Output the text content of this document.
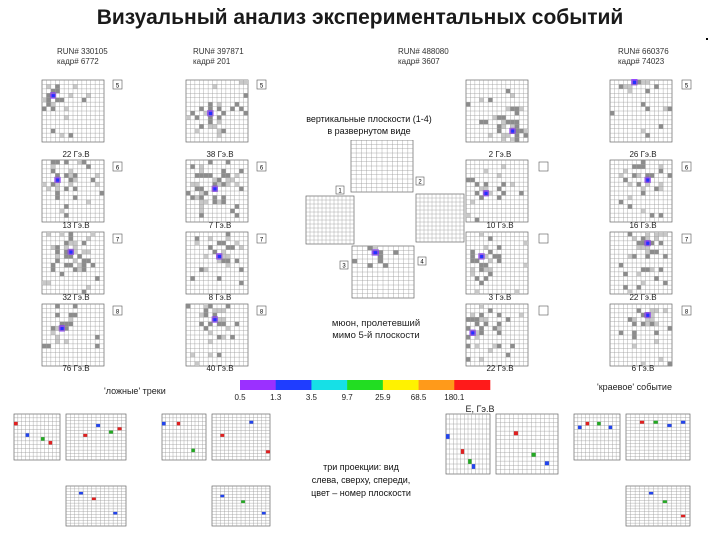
Визуальный анализ экспериментальных событий
RUN# 330105
кадр# 6772
RUN# 397871
кадр# 201
RUN# 488080
кадр# 3607
RUN# 660376
кадр# 74023
22 Гэ.В
13 Гэ.В
32 Гэ.В
76 Гэ.В
38 Гэ.В
7 Гэ.В
8 Гэ.В
40 Гэ.В
2 Гэ.В
10 Гэ.В
3 Гэ.В
22 Гэ.В
26 Гэ.В
16 Гэ.В
22 Гэ.В
6 Гэ.В
5
6
7
8
5
6
7
8
5
6
7
8
1
2
3
4
вертикальные плоскости (1-4)
в развернутом виде
мюон, пролетевший
мимо 5-й плоскости
0.5	1.3	3.5	9.7	25.9	68.5 180.1
E, Гэ.В
'ложные' треки	'краевое' событие
три проекции: вид
слева, сверху, спереди,
цвет – номер плоскости
